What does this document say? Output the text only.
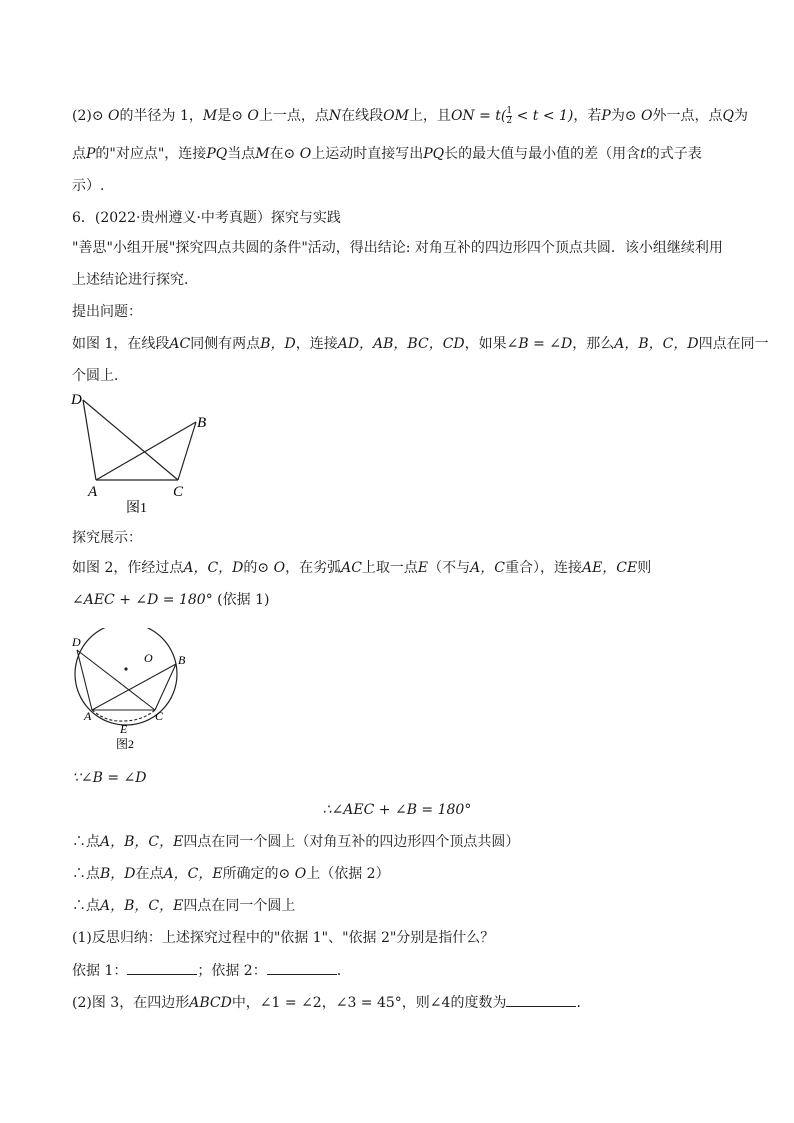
(2)⊙ O的半径为 1，M是⊙ O上一点，点N在线段OM上，且ON = $t( \frac{1}{2} < t < 1)$，若P为⊙ O外一点，点Q为
点P的"对应点"，连接PQ当点M在⊙ O上运动时直接写出PQ长的最大值与最小值的差（用含t的式子表
示）.
6．(2022·贵州遵义·中考真题）探究与实践
"善思"小组开展"探究四点共圆的条件"活动，得出结论: 对角互补的四边形四个顶点共圆．该小组继续利用
上述结论进行探究．
提出问题：
如图 1，在线段AC同侧有两点B，D，连接AD，AB，BC，CD，如果∠B = ∠D，那么A，B，C，D四点在同一
个圆上．
D
B
A	C
图1
探究展示：
如图 2，作经过点A，C，D的⊙ O，在劣弧AC上取一点E（不与A，C重合），连接AE，CE则
∠AEC + ∠D = 180° (依据 1)
D
O B
A	C
E
图2
∵∠B = ∠D
∴∠AEC + ∠B = 180°
∴点A，B，C，E四点在同一个圆上（对角互补的四边形四个顶点共圆）
∴点B，D在点A，C，E所确定的⊙ O上（依据 2）
∴点A，B，C，E四点在同一个圆上
(1)反思归纳：上述探究过程中的"依据 1"、"依据 2"分别是指什么？
依据 1：	；依据 2：	．
(2)图 3，在四边形ABCD中，∠1 = ∠2，∠3 = 45°，则∠4的度数为	．
